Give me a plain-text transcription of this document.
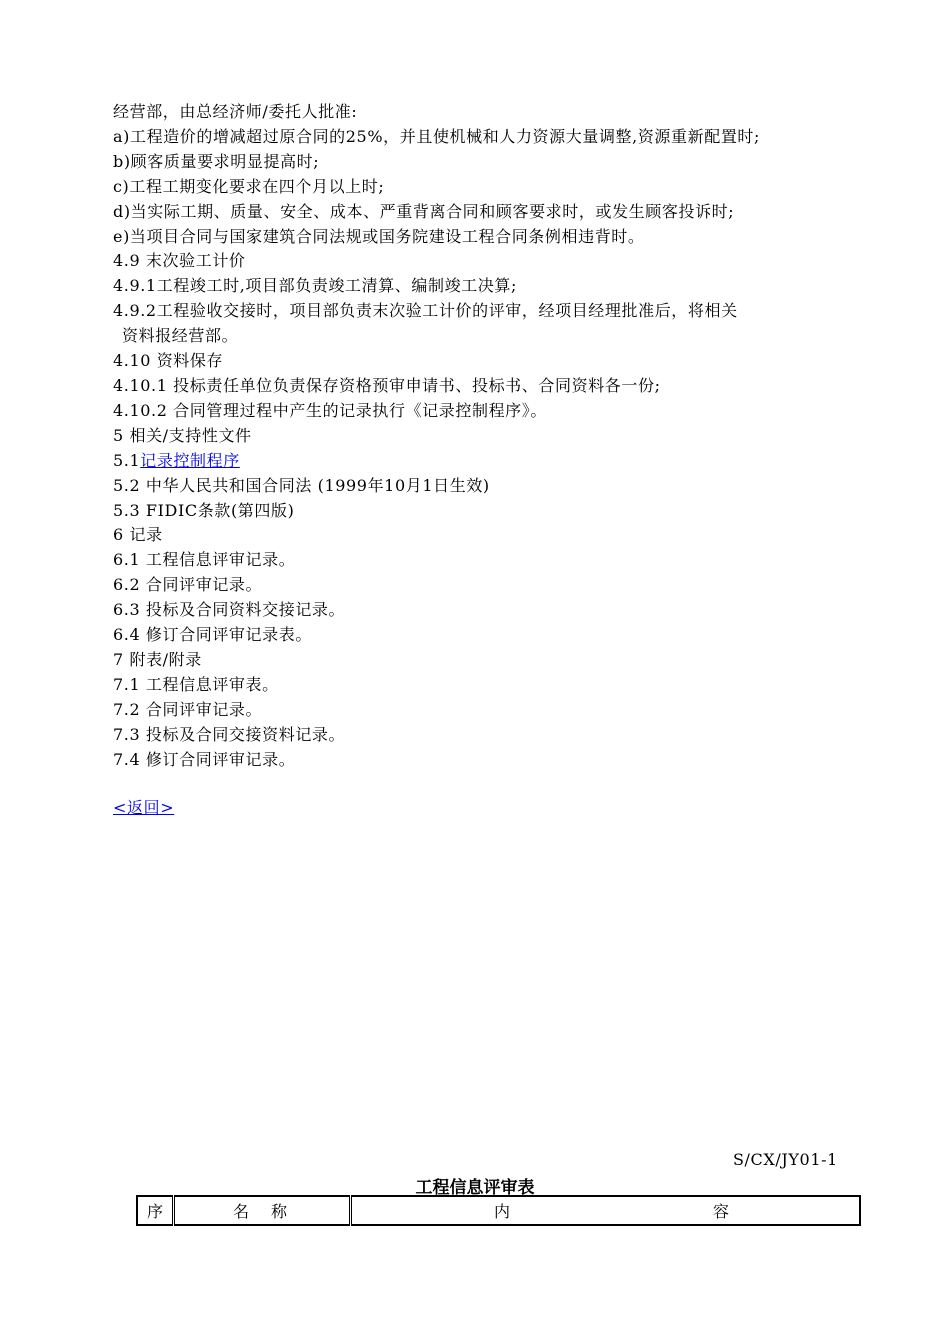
经营部，由总经济师/委托人批准:
a)工程造价的增减超过原合同的25%，并且使机械和人力资源大量调整,资源重新配置时;
b)顾客质量要求明显提高时;
c)工程工期变化要求在四个月以上时;
d)当实际工期、质量、安全、成本、严重背离合同和顾客要求时，或发生顾客投诉时;
e)当项目合同与国家建筑合同法规或国务院建设工程合同条例相违背时。
4.9 末次验工计价
4.9.1工程竣工时,项目部负责竣工清算、编制竣工决算;
4.9.2工程验收交接时，项目部负责末次验工计价的评审，经项目经理批准后，将相关
资料报经营部。
4.10 资料保存
4.10.1 投标责任单位负责保存资格预审申请书、投标书、合同资料各一份;
4.10.2 合同管理过程中产生的记录执行《记录控制程序》。
5 相关/支持性文件
5.1记录控制程序
5.2 中华人民共和国合同法 (1999年10月1日生效)
5.3 FIDIC条款(第四版)
6 记录
6.1 工程信息评审记录。
6.2 合同评审记录。
6.3 投标及合同资料交接记录。
6.4 修订合同评审记录表。
7 附表/附录
7.1 工程信息评审表。
7.2 合同评审记录。
7.3 投标及合同交接资料记录。
7.4 修订合同评审记录。
<返回>
S/CX/JY01-1
工程信息评审表
序	名 称	内	容
